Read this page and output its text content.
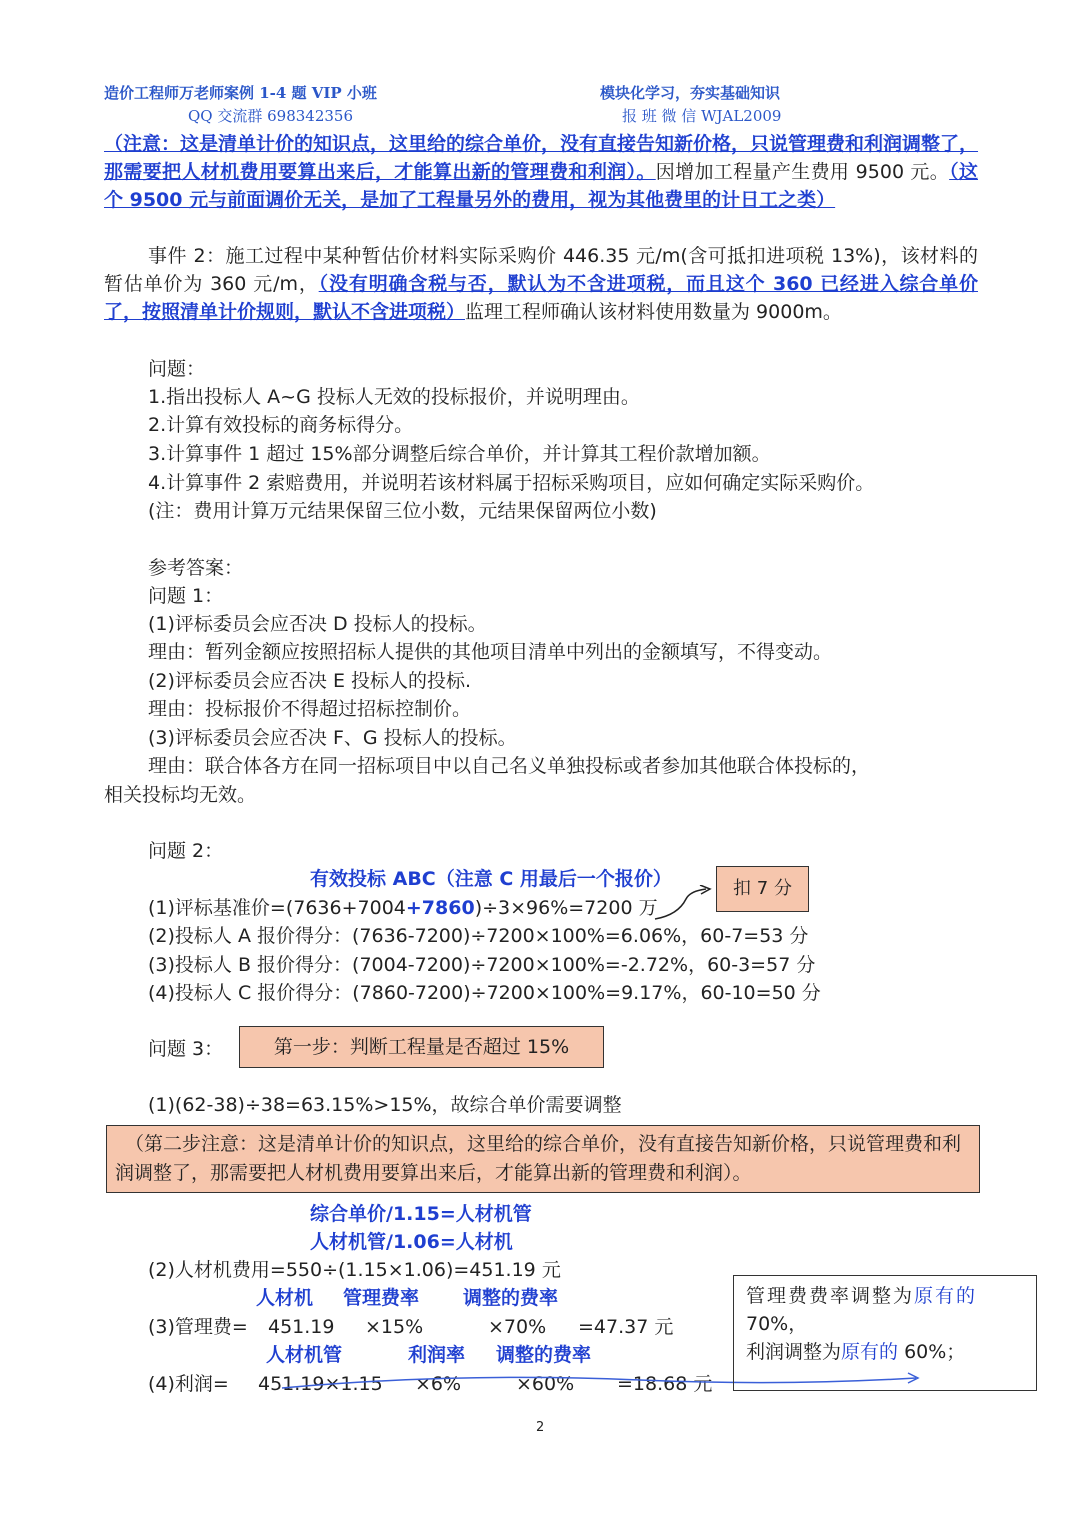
造价工程师万老师案例 1-4 题 VIP 小班
QQ 交流群 698342356
模块化学习，夯实基础知识
报 班 微 信 WJAL2009
（注意：这是清单计价的知识点，这里给的综合单价，没有直接告知新价格，只说管理费和利润调整了，那需要把人材机费用要算出来后，才能算出新的管理费和利润）。因增加工程量产生费用 9500 元。（这个 9500 元与前面调价无关，是加了工程量另外的费用，视为其他费里的计日工之类）
事件 2：施工过程中某种暂估价材料实际采购价 446.35 元/m(含可抵扣进项税 13%)，该材料的暂估单价为 360 元/m，（没有明确含税与否，默认为不含进项税，而且这个 360 已经进入综合单价了，按照清单计价规则，默认不含进项税）监理工程师确认该材料使用数量为 9000m。
问题：
1.指出投标人 A~G 投标人无效的投标报价，并说明理由。
2.计算有效投标的商务标得分。
3.计算事件 1 超过 15%部分调整后综合单价，并计算其工程价款增加额。
4.计算事件 2 索赔费用，并说明若该材料属于招标采购项目，应如何确定实际采购价。
(注：费用计算万元结果保留三位小数，元结果保留两位小数)
参考答案：
问题 1：
(1)评标委员会应否决 D 投标人的投标。
理由：暂列金额应按照招标人提供的其他项目清单中列出的金额填写，不得变动。
(2)评标委员会应否决 E 投标人的投标.
理由：投标报价不得超过招标控制价。
(3)评标委员会应否决 F、G 投标人的投标。
理由：联合体各方在同一招标项目中以自己名义单独投标或者参加其他联合体投标的，
相关投标均无效。
问题 2：
有效投标 ABC（注意 C 用最后一个报价）	扣 7 分
(1)评标基准价=(7636+7004+7860)÷3×96%=7200 万
(2)投标人 A 报价得分：(7636-7200)÷7200×100%=6.06%，60-7=53 分
(3)投标人 B 报价得分：(7004-7200)÷7200×100%=-2.72%，60-3=57 分
(4)投标人 C 报价得分：(7860-7200)÷7200×100%=9.17%，60-10=50 分
问题 3：	第一步：判断工程量是否超过 15%
(1)(62-38)÷38=63.15%>15%，故综合单价需要调整
（第二步注意：这是清单计价的知识点，这里给的综合单价，没有直接告知新价格，只说管理费和利润调整了，那需要把人材机费用要算出来后，才能算出新的管理费和利润）。
综合单价/1.15=人材机管
人材机管/1.06=人材机
(2)人材机费用=550÷(1.15×1.06)=451.19 元
人材机 管理费率 调整的费率
(3)管理费= 451.19 ×15%	×70% =47.37 元
人材机管	利润率 调整的费率
(4)利润= 451.19×1.15 ×6%	×60% =18.68 元
管理费费率调整为原有的
70%，
利润调整为原有的 60%；
2
